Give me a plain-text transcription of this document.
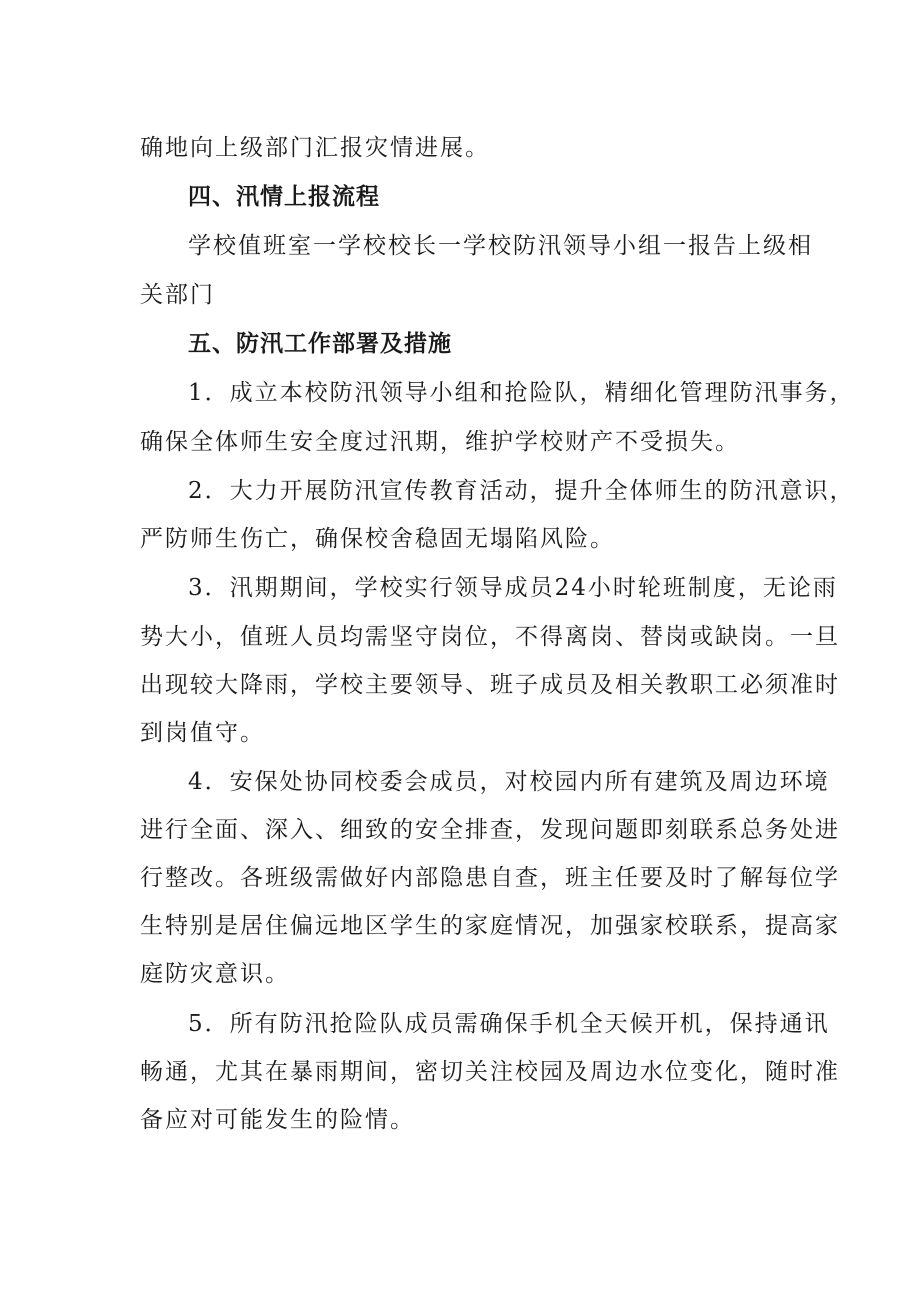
确地向上级部门汇报灾情进展。
四、汛情上报流程
学校值班室一学校校长一学校防汛领导小组一报告上级相
关部门
五、防汛工作部署及措施
1．成立本校防汛领导小组和抢险队，精细化管理防汛事务，
确保全体师生安全度过汛期，维护学校财产不受损失。
2．大力开展防汛宣传教育活动，提升全体师生的防汛意识，
严防师生伤亡，确保校舍稳固无塌陷风险。
3．汛期期间，学校实行领导成员24小时轮班制度，无论雨
势大小，值班人员均需坚守岗位，不得离岗、替岗或缺岗。一旦
出现较大降雨，学校主要领导、班子成员及相关教职工必须准时
到岗值守。
4．安保处协同校委会成员，对校园内所有建筑及周边环境
进行全面、深入、细致的安全排查，发现问题即刻联系总务处进
行整改。各班级需做好内部隐患自查，班主任要及时了解每位学
生特别是居住偏远地区学生的家庭情况，加强家校联系，提高家
庭防灾意识。
5．所有防汛抢险队成员需确保手机全天候开机，保持通讯
畅通，尤其在暴雨期间，密切关注校园及周边水位变化，随时准
备应对可能发生的险情。
